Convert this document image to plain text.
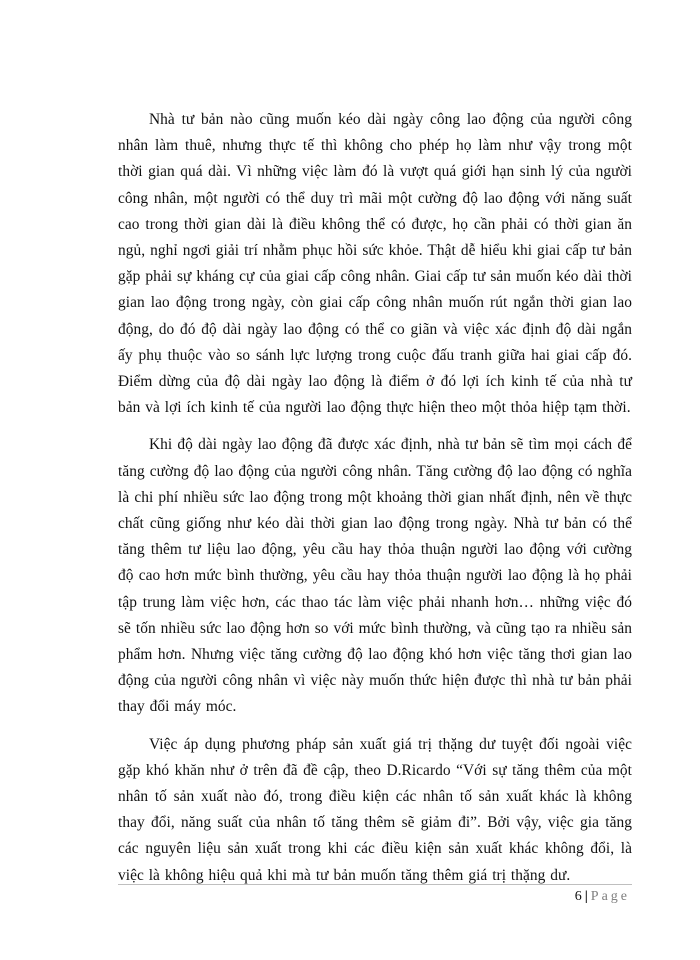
Nhà tư bản nào cũng muốn kéo dài ngày công lao động của người công nhân làm thuê, nhưng thực tế thì không cho phép họ làm như vậy trong một thời gian quá dài. Vì những việc làm đó là vượt quá giới hạn sinh lý của người công nhân, một người có thể duy trì mãi một cường độ lao động với năng suất cao trong thời gian dài là điều không thể có được, họ cần phải có thời gian ăn ngủ, nghỉ ngơi giải trí nhằm phục hồi sức khỏe. Thật dễ hiểu khi giai cấp tư bản gặp phải sự kháng cự của giai cấp công nhân. Giai cấp tư sản muốn kéo dài thời gian lao động trong ngày, còn giai cấp công nhân muốn rút ngắn thời gian lao động, do đó độ dài ngày lao động có thể co giãn và việc xác định độ dài ngắn ấy phụ thuộc vào so sánh lực lượng trong cuộc đấu tranh giữa hai giai cấp đó. Điểm dừng của độ dài ngày lao động là điểm ở đó lợi ích kinh tế của nhà tư bản và lợi ích kinh tế của người lao động thực hiện theo một thỏa hiệp tạm thời.

Khi độ dài ngày lao động đã được xác định, nhà tư bản sẽ tìm mọi cách để tăng cường độ lao động của người công nhân. Tăng cường độ lao động có nghĩa là chi phí nhiều sức lao động trong một khoảng thời gian nhất định, nên về thực chất cũng giống như kéo dài thời gian lao động trong ngày. Nhà tư bản có thể tăng thêm tư liệu lao động, yêu cầu hay thỏa thuận người lao động với cường độ cao hơn mức bình thường, yêu cầu hay thỏa thuận người lao động là họ phải tập trung làm việc hơn, các thao tác làm việc phải nhanh hơn… những việc đó sẽ tốn nhiều sức lao động hơn so với mức bình thường, và cũng tạo ra nhiều sản phẩm hơn. Nhưng việc tăng cường độ lao động khó hơn việc tăng thơi gian lao động của người công nhân vì việc này muốn thức hiện được thì nhà tư bản phải thay đổi máy móc.

Việc áp dụng phương pháp sản xuất giá trị thặng dư tuyệt đối ngoài việc gặp khó khăn như ở trên đã đề cập, theo D.Ricardo “Với sự tăng thêm của một nhân tố sản xuất nào đó, trong điều kiện các nhân tố sản xuất khác là không thay đổi, năng suất của nhân tố tăng thêm sẽ giảm đi”. Bởi vậy, việc gia tăng các nguyên liệu sản xuất trong khi các điều kiện sản xuất khác không đổi, là việc là không hiệu quả khi mà tư bản muốn tăng thêm giá trị thặng dư.

6 | Page
